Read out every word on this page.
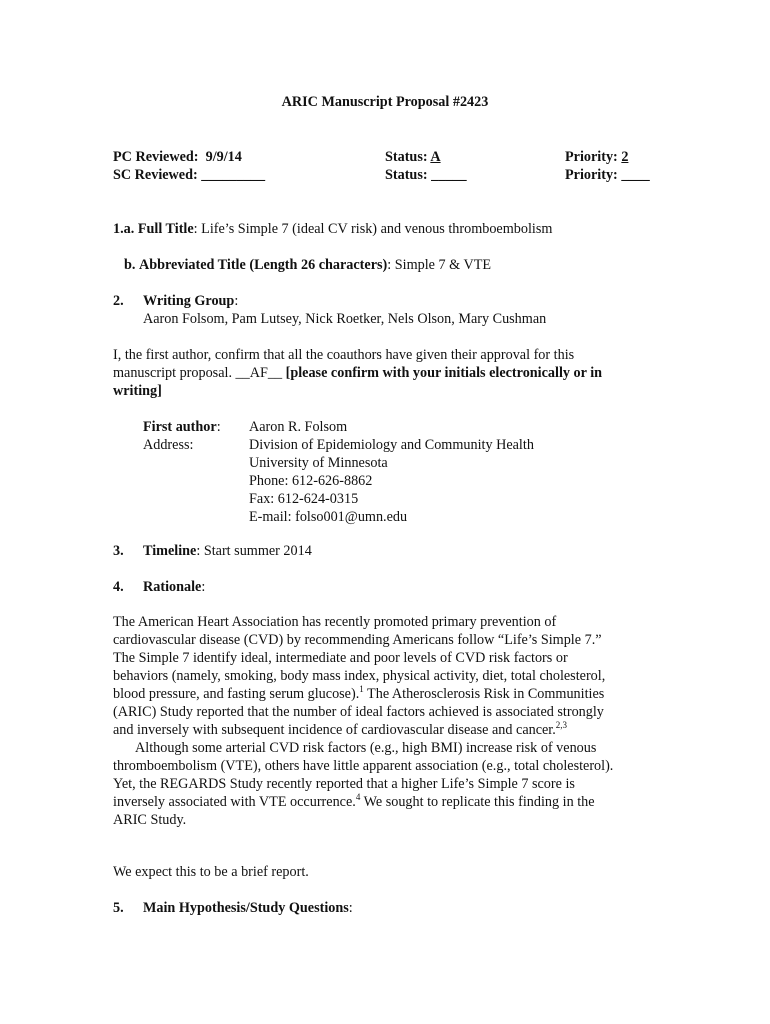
ARIC Manuscript Proposal #2423
PC Reviewed: 9/9/14
SC Reviewed: _________
Status: A
Status: _____
Priority: 2
Priority: ____
1.a. Full Title: Life’s Simple 7 (ideal CV risk) and venous thromboembolism
b. Abbreviated Title (Length 26 characters): Simple 7 & VTE
2. Writing Group:
Aaron Folsom, Pam Lutsey, Nick Roetker, Nels Olson, Mary Cushman
I, the first author, confirm that all the coauthors have given their approval for this
manuscript proposal. __AF__ [please confirm with your initials electronically or in
writing]
First author:
Address:
Aaron R. Folsom
Division of Epidemiology and Community Health
University of Minnesota
Phone: 612-626-8862
Fax: 612-624-0315
E-mail: folso001@umn.edu
3. Timeline: Start summer 2014
4. Rationale:

The American Heart Association has recently promoted primary prevention of

cardiovascular disease (CVD) by recommending Americans follow “Life’s Simple 7.”

The Simple 7 identify ideal, intermediate and poor levels of CVD risk factors or

behaviors (namely, smoking, body mass index, physical activity, diet, total cholesterol,

blood pressure, and fasting serum glucose).$^1$ The Atherosclerosis Risk in Communities

(ARIC) Study reported that the number of ideal factors achieved is associated strongly

and inversely with subsequent incidence of cardiovascular disease and cancer.$^{2,3}$

Although some arterial CVD risk factors (e.g., high BMI) increase risk of venous

thromboembolism (VTE), others have little apparent association (e.g., total cholesterol).

Yet, the REGARDS Study recently reported that a higher Life’s Simple 7 score is

inversely associated with VTE occurrence.$^4$ We sought to replicate this finding in the

ARIC Study.

We expect this to be a brief report.
5. Main Hypothesis/Study Questions:
